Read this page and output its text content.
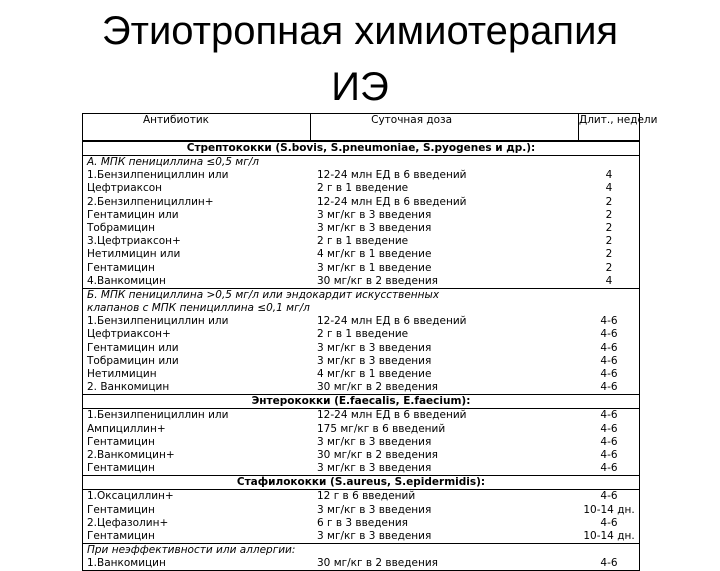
Этиотропная химиотерапия
ИЭ
Антибиотик	Суточная доза	Длит., недели
Стрептококки (S.bovis, S.pneumoniae, S.pyogenes и др.):
А. МПК пенициллина ≤0,5 мг/л
1.Бензилпенициллин или	12-24 млн ЕД в 6 введений	4
Цефтриаксон	2 г в 1 введение	4
2.Бензилпенициллин+	12-24 млн ЕД в 6 введений	2
Гентамицин или	3 мг/кг в 3 введения	2
Тобрамицин	3 мг/кг в 3 введения	2
3.Цефтриаксон+	2 г в 1 введение	2
Нетилмицин или	4 мг/кг в 1 введение	2
Гентамицин	3 мг/кг в 1 введение	2
4.Ванкомицин	30 мг/кг в 2 введения	4
Б. МПК пенициллина >0,5 мг/л или эндокардит искусственных
клапанов с МПК пенициллина ≤0,1 мг/л
1.Бензилпенициллин или	12-24 млн ЕД в 6 введений	4-6
Цефтриаксон+	2 г в 1 введение	4-6
Гентамицин или	3 мг/кг в 3 введения	4-6
Тобрамицин или	3 мг/кг в 3 введения	4-6
Нетилмицин	4 мг/кг в 1 введение	4-6
2. Ванкомицин	30 мг/кг в 2 введения	4-6
Энтерококки (E.faecalis, E.faecium):
1.Бензилпенициллин или	12-24 млн ЕД в 6 введений	4-6
Ампициллин+	175 мг/кг в 6 введений	4-6
Гентамицин	3 мг/кг в 3 введения	4-6
2.Ванкомицин+	30 мг/кг в 2 введения	4-6
Гентамицин	3 мг/кг в 3 введения	4-6
Стафилококки (S.aureus, S.epidermidis):
1.Оксациллин+	12 г в 6 введений	4-6
Гентамицин	3 мг/кг в 3 введения	10-14 дн.
2.Цефазолин+	6 г в 3 введения	4-6
Гентамицин	3 мг/кг в 3 введения	10-14 дн.
При неэффективности или аллергии:
1.Ванкомицин	30 мг/кг в 2 введения	4-6
